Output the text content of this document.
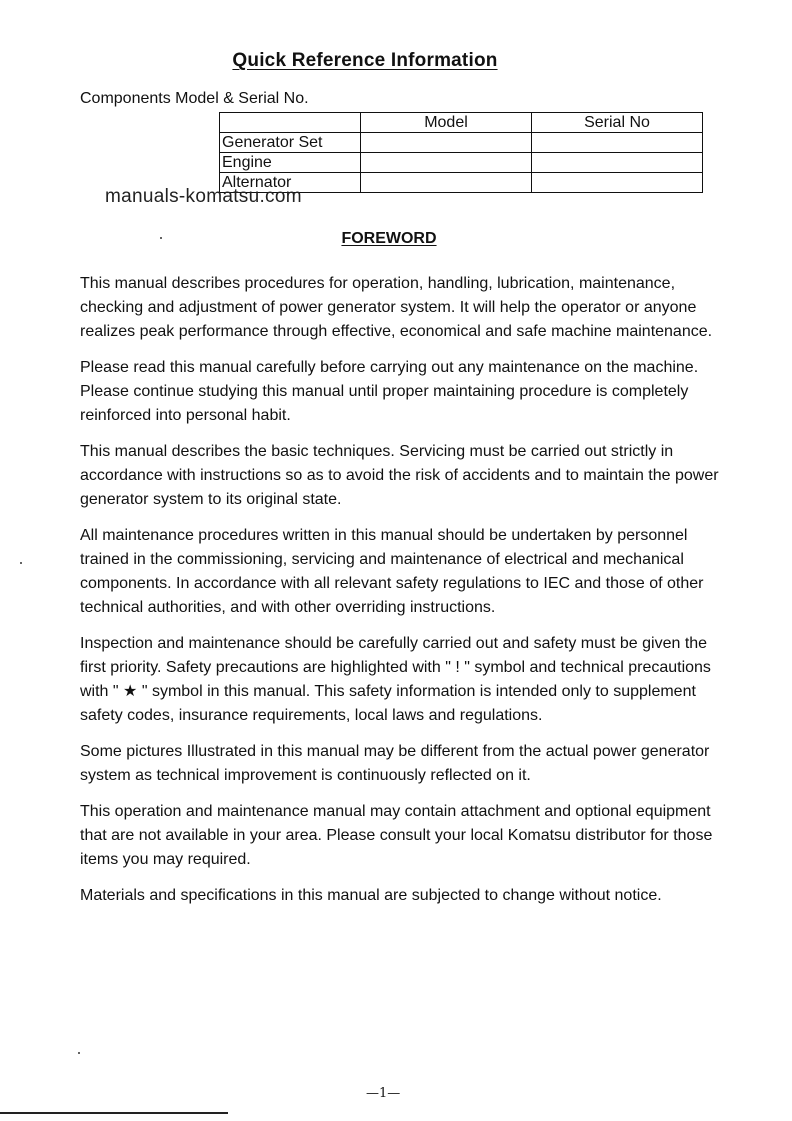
Quick Reference Information
Components Model & Serial No.
	Model	Serial No
Generator Set		
Engine		
Alternator		
manuals-komatsu.com
FOREWORD

This manual describes procedures for operation, handling, lubrication, maintenance, checking and adjustment of power generator system. It will help the operator or anyone realizes peak performance through effective, economical and safe machine maintenance.

Please read this manual carefully before carrying out any maintenance on the machine. Please continue studying this manual until proper maintaining procedure is completely reinforced into personal habit.

This manual describes the basic techniques. Servicing must be carried out strictly in accordance with instructions so as to avoid the risk of accidents and to maintain the power generator system to its original state.

All maintenance procedures written in this manual should be undertaken by personnel trained in the commissioning, servicing and maintenance of electrical and mechanical components. In accordance with all relevant safety regulations to IEC and those of other technical authorities, and with other overriding instructions.

Inspection and maintenance should be carefully carried out and safety must be given the first priority. Safety precautions are highlighted with " ! " symbol and technical precautions with " ★ " symbol in this manual. This safety information is intended only to supplement safety codes, insurance requirements, local laws and regulations.

Some pictures Illustrated in this manual may be different from the actual power generator system as technical improvement is continuously reflected on it.

This operation and maintenance manual may contain attachment and optional equipment that are not available in your area. Please consult your local Komatsu distributor for those items you may required.

Materials and specifications in this manual are subjected to change without notice.

—1—
